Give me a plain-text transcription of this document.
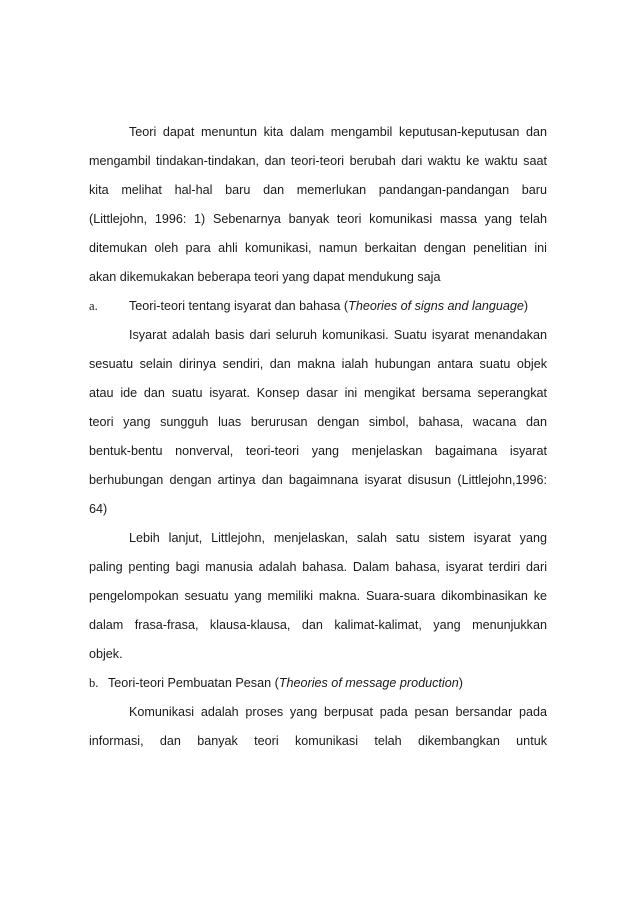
Teori dapat menuntun kita dalam mengambil keputusan-keputusan dan
mengambil tindakan-tindakan, dan teori-teori berubah dari waktu ke waktu saat
kita melihat hal-hal baru dan memerlukan pandangan-pandangan baru
(Littlejohn, 1996: 1) Sebenarnya banyak teori komunikasi massa yang telah
ditemukan oleh para ahli komunikasi, namun berkaitan dengan penelitian ini
akan dikemukakan beberapa teori yang dapat mendukung saja
a. Teori-teori tentang isyarat dan bahasa (Theories of signs and language)
Isyarat adalah basis dari seluruh komunikasi. Suatu isyarat menandakan
sesuatu selain dirinya sendiri, dan makna ialah hubungan antara suatu objek
atau ide dan suatu isyarat. Konsep dasar ini mengikat bersama seperangkat
teori yang sungguh luas berurusan dengan simbol, bahasa, wacana dan
bentuk-bentu nonverval, teori-teori yang menjelaskan bagaimana isyarat
berhubungan dengan artinya dan bagaimnana isyarat disusun (Littlejohn,1996:
64)
Lebih lanjut, Littlejohn, menjelaskan, salah satu sistem isyarat yang
paling penting bagi manusia adalah bahasa. Dalam bahasa, isyarat terdiri dari
pengelompokan sesuatu yang memiliki makna. Suara-suara dikombinasikan ke
dalam frasa-frasa, klausa-klausa, dan kalimat-kalimat, yang menunjukkan
objek.
b. Teori-teori Pembuatan Pesan (Theories of message production)
Komunikasi adalah proses yang berpusat pada pesan bersandar pada
informasi, dan banyak teori komunikasi telah dikembangkan untuk
